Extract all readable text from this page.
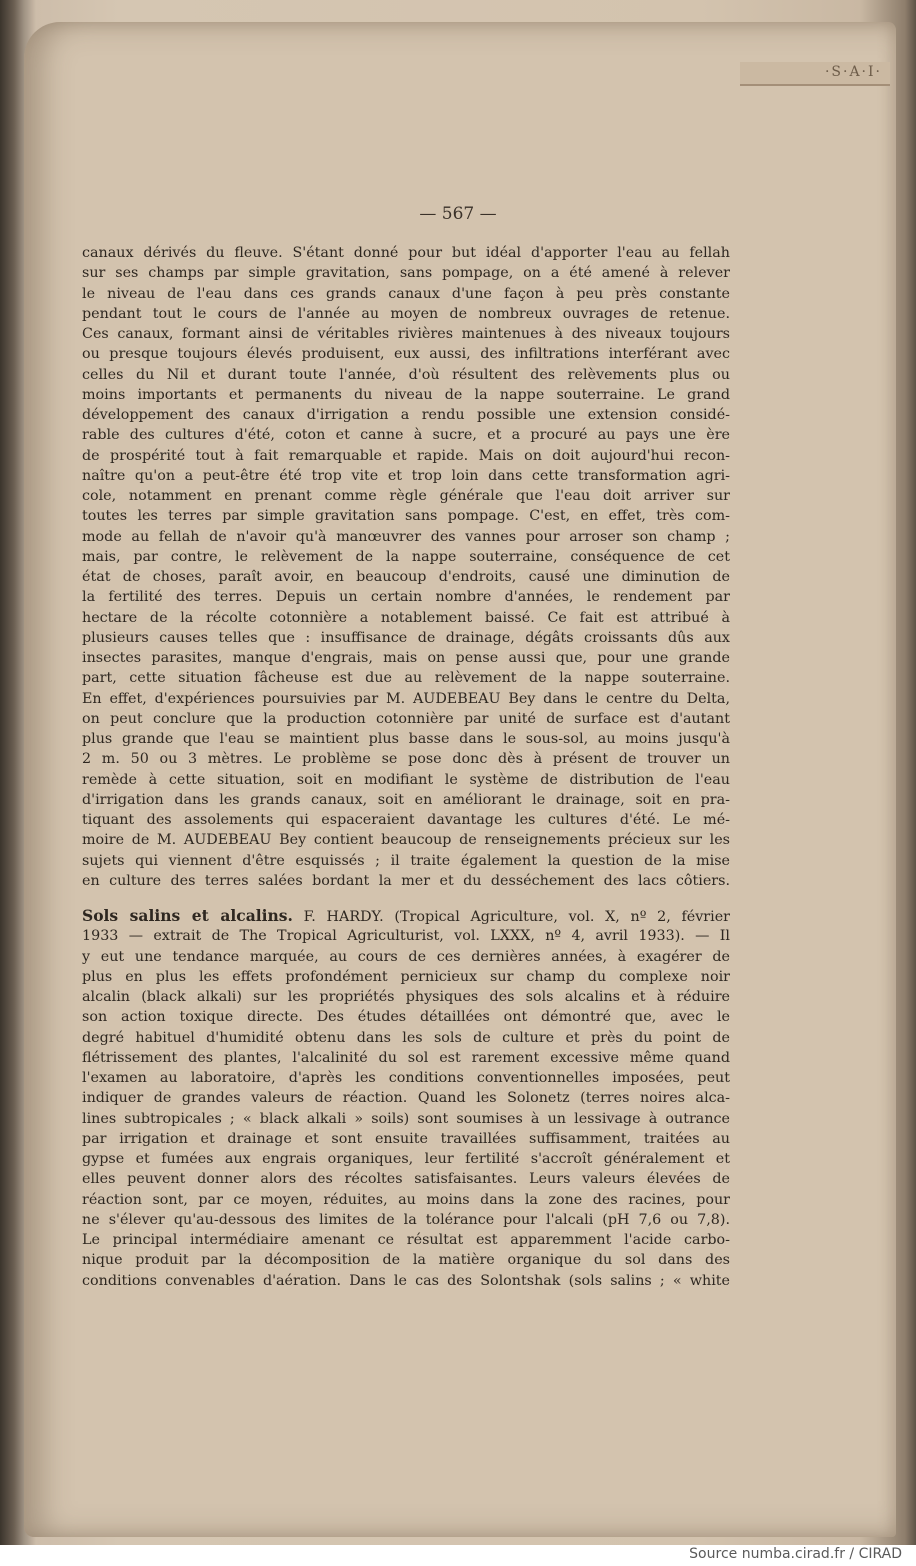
·S·A·I·
— 567 —
canaux dérivés du fleuve. S'étant donné pour but idéal d'apporter l'eau au fellah
sur ses champs par simple gravitation, sans pompage, on a été amené à relever
le niveau de l'eau dans ces grands canaux d'une façon à peu près constante
pendant tout le cours de l'année au moyen de nombreux ouvrages de retenue.
Ces canaux, formant ainsi de véritables rivières maintenues à des niveaux toujours
ou presque toujours élevés produisent, eux aussi, des infiltrations interférant avec
celles du Nil et durant toute l'année, d'où résultent des relèvements plus ou
moins importants et permanents du niveau de la nappe souterraine. Le grand
développement des canaux d'irrigation a rendu possible une extension considé-
rable des cultures d'été, coton et canne à sucre, et a procuré au pays une ère
de prospérité tout à fait remarquable et rapide. Mais on doit aujourd'hui recon-
naître qu'on a peut-être été trop vite et trop loin dans cette transformation agri-
cole, notamment en prenant comme règle générale que l'eau doit arriver sur
toutes les terres par simple gravitation sans pompage. C'est, en effet, très com-
mode au fellah de n'avoir qu'à manœuvrer des vannes pour arroser son champ ;
mais, par contre, le relèvement de la nappe souterraine, conséquence de cet
état de choses, paraît avoir, en beaucoup d'endroits, causé une diminution de
la fertilité des terres. Depuis un certain nombre d'années, le rendement par
hectare de la récolte cotonnière a notablement baissé. Ce fait est attribué à
plusieurs causes telles que : insuffisance de drainage, dégâts croissants dûs aux
insectes parasites, manque d'engrais, mais on pense aussi que, pour une grande
part, cette situation fâcheuse est due au relèvement de la nappe souterraine.
En effet, d'expériences poursuivies par M. AUDEBEAU Bey dans le centre du Delta,
on peut conclure que la production cotonnière par unité de surface est d'autant
plus grande que l'eau se maintient plus basse dans le sous-sol, au moins jusqu'à
2 m. 50 ou 3 mètres. Le problème se pose donc dès à présent de trouver un
remède à cette situation, soit en modifiant le système de distribution de l'eau
d'irrigation dans les grands canaux, soit en améliorant le drainage, soit en pra-
tiquant des assolements qui espaceraient davantage les cultures d'été. Le mé-
moire de M. AUDEBEAU Bey contient beaucoup de renseignements précieux sur les
sujets qui viennent d'être esquissés ; il traite également la question de la mise
en culture des terres salées bordant la mer et du desséchement des lacs côtiers.
Sols salins et alcalins. F. HARDY. (Tropical Agriculture, vol. X, nº 2, février
1933 — extrait de The Tropical Agriculturist, vol. LXXX, nº 4, avril 1933). — Il
y eut une tendance marquée, au cours de ces dernières années, à exagérer de
plus en plus les effets profondément pernicieux sur champ du complexe noir
alcalin (black alkali) sur les propriétés physiques des sols alcalins et à réduire
son action toxique directe. Des études détaillées ont démontré que, avec le
degré habituel d'humidité obtenu dans les sols de culture et près du point de
flétrissement des plantes, l'alcalinité du sol est rarement excessive même quand
l'examen au laboratoire, d'après les conditions conventionnelles imposées, peut
indiquer de grandes valeurs de réaction. Quand les Solonetz (terres noires alca-
lines subtropicales ; « black alkali » soils) sont soumises à un lessivage à outrance
par irrigation et drainage et sont ensuite travaillées suffisamment, traitées au
gypse et fumées aux engrais organiques, leur fertilité s'accroît généralement et
elles peuvent donner alors des récoltes satisfaisantes. Leurs valeurs élevées de
réaction sont, par ce moyen, réduites, au moins dans la zone des racines, pour
ne s'élever qu'au-dessous des limites de la tolérance pour l'alcali (pH 7,6 ou 7,8).
Le principal intermédiaire amenant ce résultat est apparemment l'acide carbo-
nique produit par la décomposition de la matière organique du sol dans des
conditions convenables d'aération. Dans le cas des Solontshak (sols salins ; « white
Source numba.cirad.fr / CIRAD
